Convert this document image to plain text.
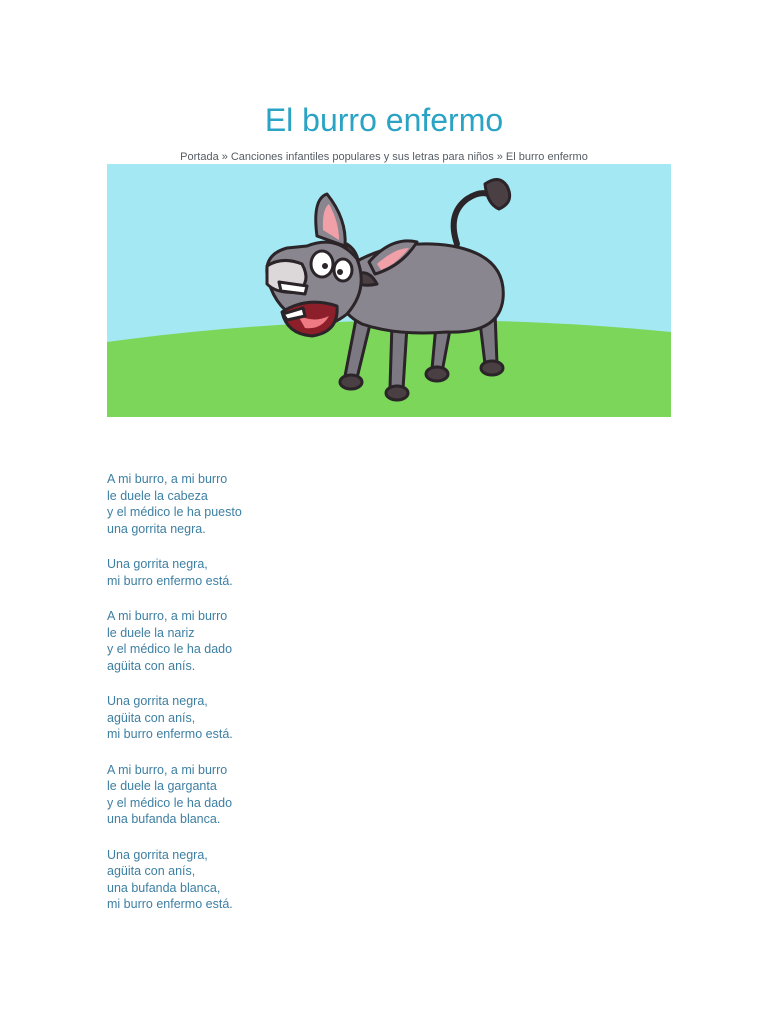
El burro enfermo
Portada » Canciones infantiles populares y sus letras para niños » El burro enfermo

A mi burro, a mi burro
le duele la cabeza
y el médico le ha puesto
una gorrita negra.

Una gorrita negra,
mi burro enfermo está.

A mi burro, a mi burro
le duele la nariz
y el médico le ha dado
agüita con anís.

Una gorrita negra,
agüita con anís,
mi burro enfermo está.

A mi burro, a mi burro
le duele la garganta
y el médico le ha dado
una bufanda blanca.

Una gorrita negra,
agüita con anís,
una bufanda blanca,
mi burro enfermo está.
